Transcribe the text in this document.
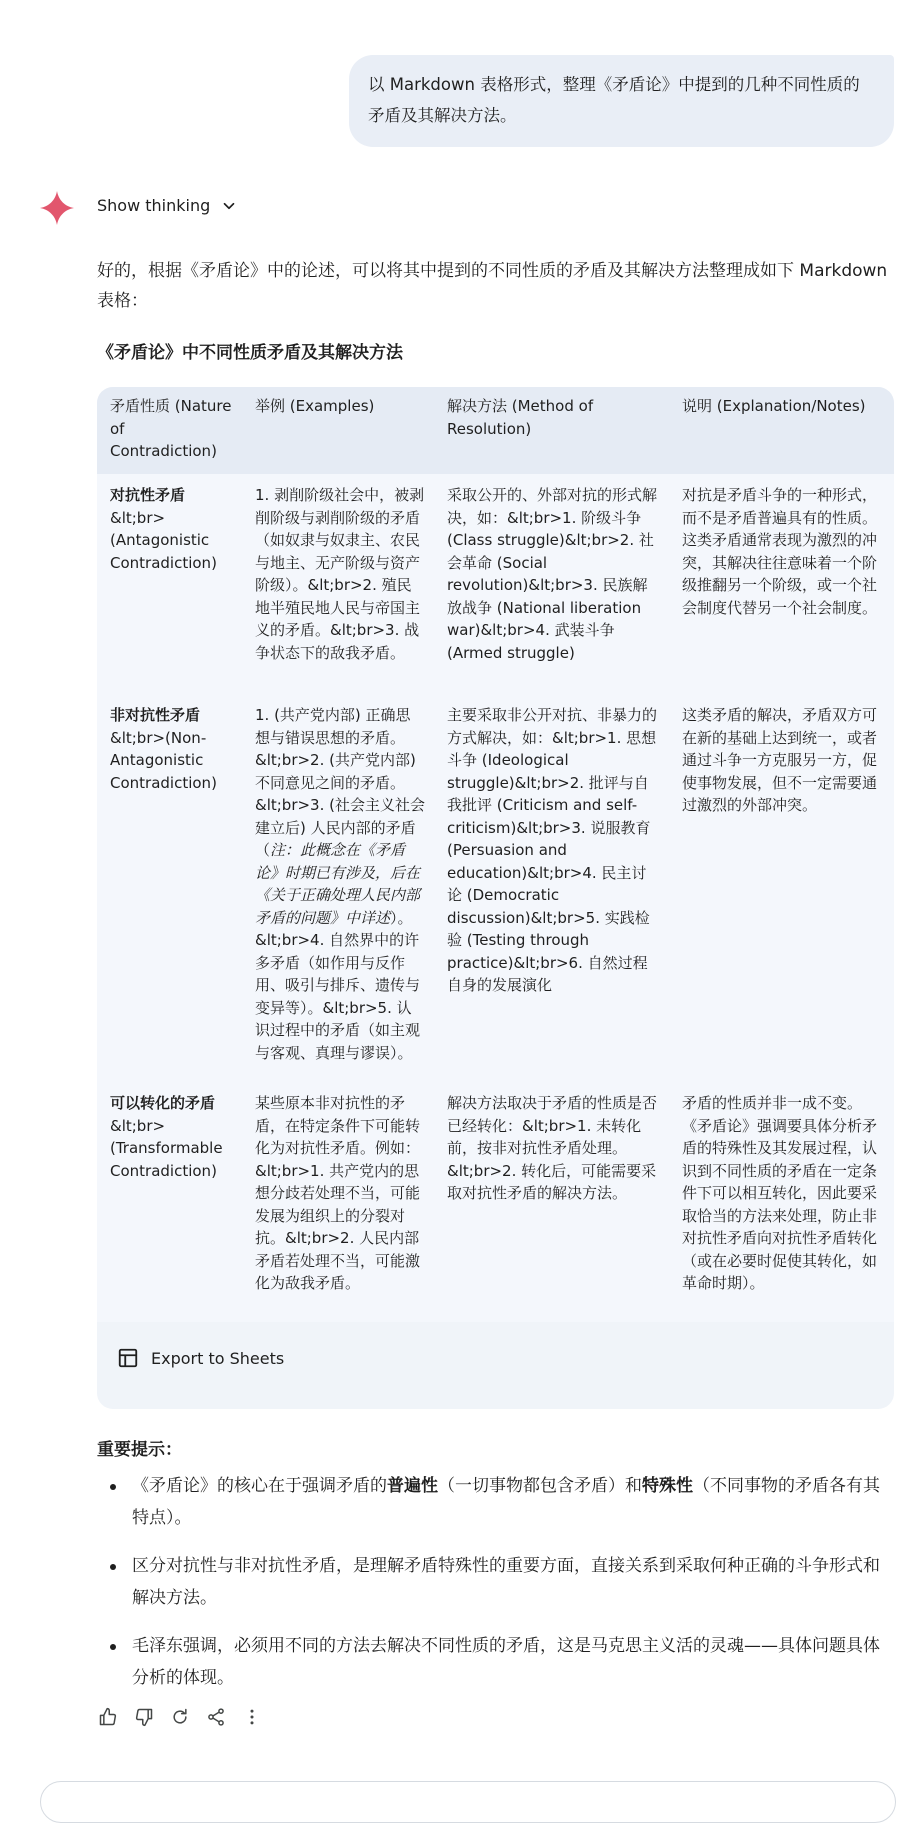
以 Markdown 表格形式，整理《矛盾论》中提到的几种不同性质的矛盾及其解决方法。
Show thinking
好的，根据《矛盾论》中的论述，可以将其中提到的不同性质的矛盾及其解决方法整理成如下 Markdown 表格：
《矛盾论》中不同性质矛盾及其解决方法
矛盾性质 (Nature of Contradiction)
举例 (Examples)	解决方法 (Method of Resolution)
说明 (Explanation/Notes)
对抗性矛盾 &lt;br> (Antagonistic Contradiction)
1. 剥削阶级社会中，被剥削阶级与剥削阶级的矛盾（如奴隶与奴隶主、农民与地主、无产阶级与资产阶级）。&lt;br>2. 殖民地半殖民地人民与帝国主义的矛盾。&lt;br>3. 战争状态下的敌我矛盾。
采取公开的、外部对抗的形式解决，如：&lt;br>1. 阶级斗争 (Class struggle)&lt;br>2. 社会革命 (Social revolution)&lt;br>3. 民族解放战争 (National liberation war)&lt;br>4. 武装斗争 (Armed struggle)
对抗是矛盾斗争的一种形式，而不是矛盾普遍具有的性质。这类矛盾通常表现为激烈的冲突，其解决往往意味着一个阶级推翻另一个阶级，或一个社会制度代替另一个社会制度。
非对抗性矛盾 &lt;br>(Non-Antagonistic Contradiction)
1. (共产党内部) 正确思想与错误思想的矛盾。&lt;br>2. (共产党内部) 不同意见之间的矛盾。&lt;br>3. (社会主义社会建立后) 人民内部的矛盾（注：此概念在《矛盾论》时期已有涉及，后在《关于正确处理人民内部矛盾的问题》中详述）。&lt;br>4. 自然界中的许多矛盾（如作用与反作用、吸引与排斥、遗传与变异等）。&lt;br>5. 认识过程中的矛盾（如主观与客观、真理与谬误）。
主要采取非公开对抗、非暴力的方式解决，如：&lt;br>1. 思想斗争 (Ideological struggle)&lt;br>2. 批评与自我批评 (Criticism and self-criticism)&lt;br>3. 说服教育 (Persuasion and education)&lt;br>4. 民主讨论 (Democratic discussion)&lt;br>5. 实践检验 (Testing through practice)&lt;br>6. 自然过程自身的发展演化
这类矛盾的解决，矛盾双方可在新的基础上达到统一，或者通过斗争一方克服另一方，促使事物发展，但不一定需要通过激烈的外部冲突。
可以转化的矛盾 &lt;br> (Transformable Contradiction)
某些原本非对抗性的矛盾，在特定条件下可能转化为对抗性矛盾。例如：&lt;br>1. 共产党内的思想分歧若处理不当，可能发展为组织上的分裂对抗。&lt;br>2. 人民内部矛盾若处理不当，可能激化为敌我矛盾。
解决方法取决于矛盾的性质是否已经转化：&lt;br>1. 未转化前，按非对抗性矛盾处理。&lt;br>2. 转化后，可能需要采取对抗性矛盾的解决方法。
矛盾的性质并非一成不变。《矛盾论》强调要具体分析矛盾的特殊性及其发展过程，认识到不同性质的矛盾在一定条件下可以相互转化，因此要采取恰当的方法来处理，防止非对抗性矛盾向对抗性矛盾转化（或在必要时促使其转化，如革命时期）。
Export to Sheets
重要提示：
《矛盾论》的核心在于强调矛盾的普遍性（一切事物都包含矛盾）和特殊性（不同事物的矛盾各有其特点）。
区分对抗性与非对抗性矛盾，是理解矛盾特殊性的重要方面，直接关系到采取何种正确的斗争形式和解决方法。
毛泽东强调，必须用不同的方法去解决不同性质的矛盾，这是马克思主义活的灵魂——具体问题具体分析的体现。
